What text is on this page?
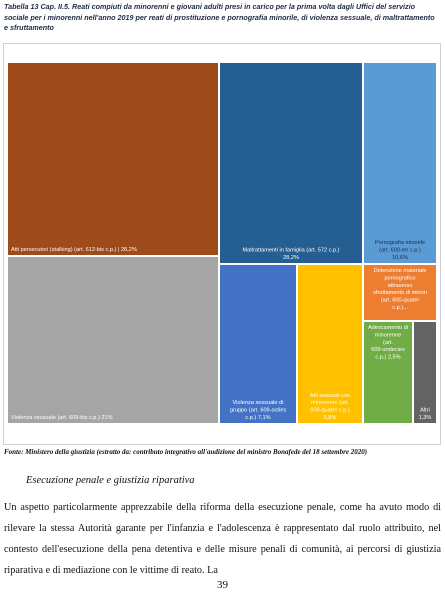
Tabella 13 Cap. II.5. Reati compiuti da minorenni e giovani adulti presi in carico per la prima volta dagli Uffici del servizio sociale per i minorenni nell'anno 2019 per reati di prostituzione e pornografia minorile, di violenza sessuale, di maltrattamento e sfruttamento
Atti persecutori (stalking) (art. 612-bis c.p.) | 28,2%
Violenza sessuale (art. 609-bis c.p.) 21%
Maltrattamenti in famiglia (art. 572 c.p.) 28,2%
Violenza sessuale di gruppo (art. 609-octies c.p.) 7,1%
Atti sessuali con minorenne (art. 609-quater c.p.) 5,8%
Pornografia minorile (art. 600-ter c.p.) 10,6%
Detenzione materiale pornografico attraverso sfruttamento di minori (art. 600-quater c.p.)...
Adescamento di minorenne (art. 609-undecies c.p.) 2,5%
Altri 1,3%
Fonte: Ministero della giustizia (estratto da: contributo integrativo all'audizione del ministro Bonafede del 18 settembre 2020)
Esecuzione penale e giustizia riparativa
Un aspetto particolarmente apprezzabile della riforma della esecuzione penale, come ha avuto modo di rilevare la stessa Autorità garante per l'infanzia e l'adolescenza è rappresentato dal ruolo attribuito, nel contesto dell'esecuzione della pena detentiva e delle misure penali di comunità, ai percorsi di giustizia riparativa e di mediazione con le vittime di reato. La
39
